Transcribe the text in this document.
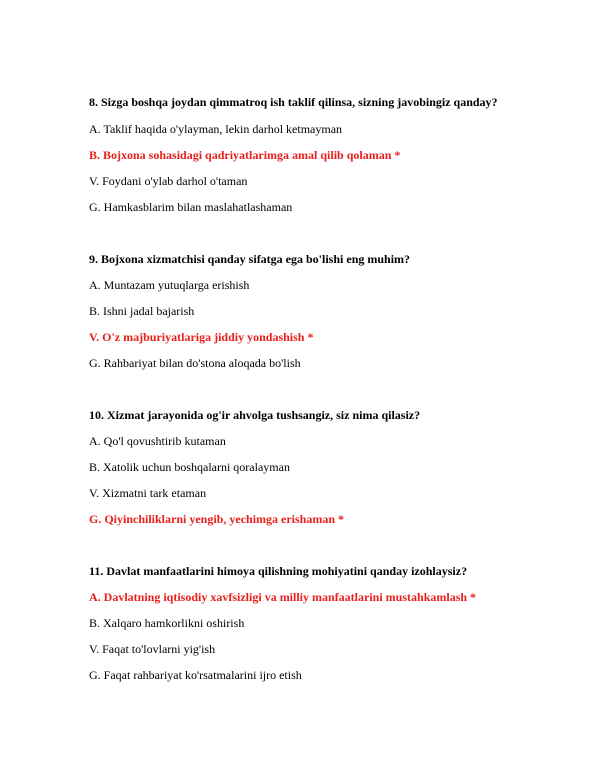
8. Sizga boshqa joydan qimmatroq ish taklif qilinsa, sizning javobingiz qanday?
A. Taklif haqida o'ylayman, lekin darhol ketmayman
B. Bojxona sohasidagi qadriyatlarimga amal qilib qolaman *
V. Foydani o'ylab darhol o'taman
G. Hamkasblarim bilan maslahatlashaman
9. Bojxona xizmatchisi qanday sifatga ega bo'lishi eng muhim?
A. Muntazam yutuqlarga erishish
B. Ishni jadal bajarish
V. O'z majburiyatlariga jiddiy yondashish *
G. Rahbariyat bilan do'stona aloqada bo'lish
10. Xizmat jarayonida og'ir ahvolga tushsangiz, siz nima qilasiz?
A. Qo'l qovushtirib kutaman
B. Xatolik uchun boshqalarni qoralayman
V. Xizmatni tark etaman
G. Qiyinchiliklarni yengib, yechimga erishaman *
11. Davlat manfaatlarini himoya qilishning mohiyatini qanday izohlaysiz?
A. Davlatning iqtisodiy xavfsizligi va milliy manfaatlarini mustahkamlash *
B. Xalqaro hamkorlikni oshirish
V. Faqat to'lovlarni yig'ish
G. Faqat rahbariyat ko'rsatmalarini ijro etish
